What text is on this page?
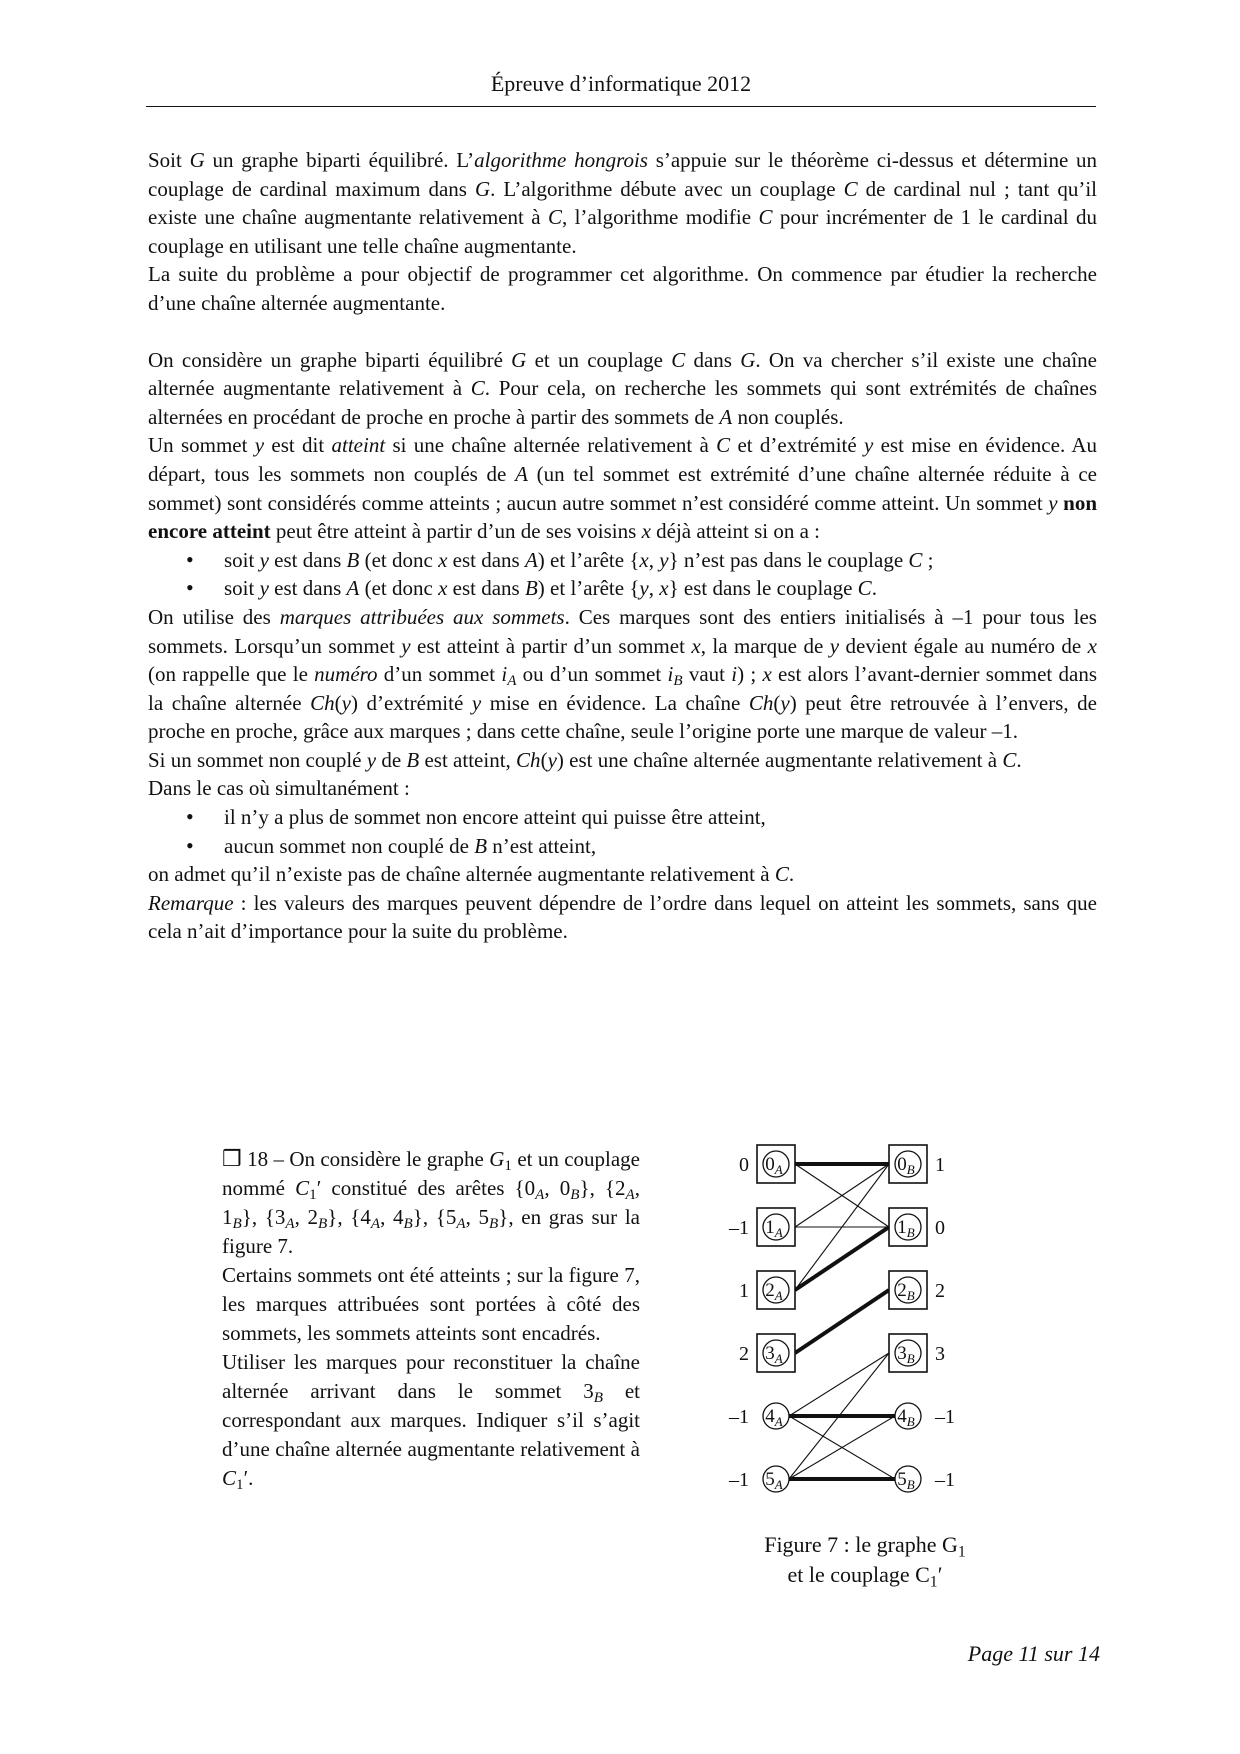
Épreuve d’informatique 2012

Soit G un graphe biparti équilibré. L’algorithme hongrois s’appuie sur le théorème ci-dessus et détermine un couplage de cardinal maximum dans G. L’algorithme débute avec un couplage C de cardinal nul ; tant qu’il existe une chaîne augmentante relativement à C, l’algorithme modifie C pour incrémenter de 1 le cardinal du couplage en utilisant une telle chaîne augmentante.

La suite du problème a pour objectif de programmer cet algorithme. On commence par étudier la recherche d’une chaîne alternée augmentante.

On considère un graphe biparti équilibré G et un couplage C dans G. On va chercher s’il existe une chaîne alternée augmentante relativement à C. Pour cela, on recherche les sommets qui sont extrémités de chaînes alternées en procédant de proche en proche à partir des sommets de A non couplés.

Un sommet y est dit atteint si une chaîne alternée relativement à C et d’extrémité y est mise en évidence. Au départ, tous les sommets non couplés de A (un tel sommet est extrémité d’une chaîne alternée réduite à ce sommet) sont considérés comme atteints ; aucun autre sommet n’est considéré comme atteint. Un sommet y non encore atteint peut être atteint à partir d’un de ses voisins x déjà atteint si on a :

• soit y est dans B (et donc x est dans A) et l’arête {x, y} n’est pas dans le couplage C ;
• soit y est dans A (et donc x est dans B) et l’arête {y, x} est dans le couplage C.

On utilise des marques attribuées aux sommets. Ces marques sont des entiers initialisés à –1 pour tous les sommets. Lorsqu’un sommet y est atteint à partir d’un sommet x, la marque de y devient égale au numéro de x (on rappelle que le numéro d’un sommet $i_A$ ou d’un sommet $i_B$ vaut i) ; x est alors l’avant-dernier sommet dans la chaîne alternée Ch(y) d’extrémité y mise en évidence. La chaîne Ch(y) peut être retrouvée à l’envers, de proche en proche, grâce aux marques ; dans cette chaîne, seule l’origine porte une marque de valeur –1.

Si un sommet non couplé y de B est atteint, Ch(y) est une chaîne alternée augmentante relativement à C.

Dans le cas où simultanément :

• il n’y a plus de sommet non encore atteint qui puisse être atteint,
• aucun sommet non couplé de B n’est atteint,

on admet qu’il n’existe pas de chaîne alternée augmentante relativement à C.

Remarque : les valeurs des marques peuvent dépendre de l’ordre dans lequel on atteint les sommets, sans que cela n’ait d’importance pour la suite du problème.

❒ 18 – On considère le graphe $G_1$ et un couplage nommé $C_1'$ constitué des arêtes {$0_A$, $0_B$}, {$2_A$, $1_B$}, {$3_A$, $2_B$}, {$4_A$, $4_B$}, {$5_A$, $5_B$}, en gras sur la figure 7.

Certains sommets ont été atteints ; sur la figure 7, les marques attribuées sont portées à côté des sommets, les sommets atteints sont encadrés.

Utiliser les marques pour reconstituer la chaîne alternée arrivant dans le sommet $3_B$ et correspondant aux marques. Indiquer s’il s’agit d’une chaîne alternée augmentante relativement à $C_1'$.

$0_A$
0
$1_A$
–1
$2_A$
1
$3_A$
2
$4_A$
–1
$5_A$
–1
$0_B$ 1
$1_B$ 0
$2_B$ 2
$3_B$ 3
$4_B$ –1
$5_B$ –1
Figure 7 : le graphe $G_1$
et le couplage $C_1'$
Page 11 sur 14
